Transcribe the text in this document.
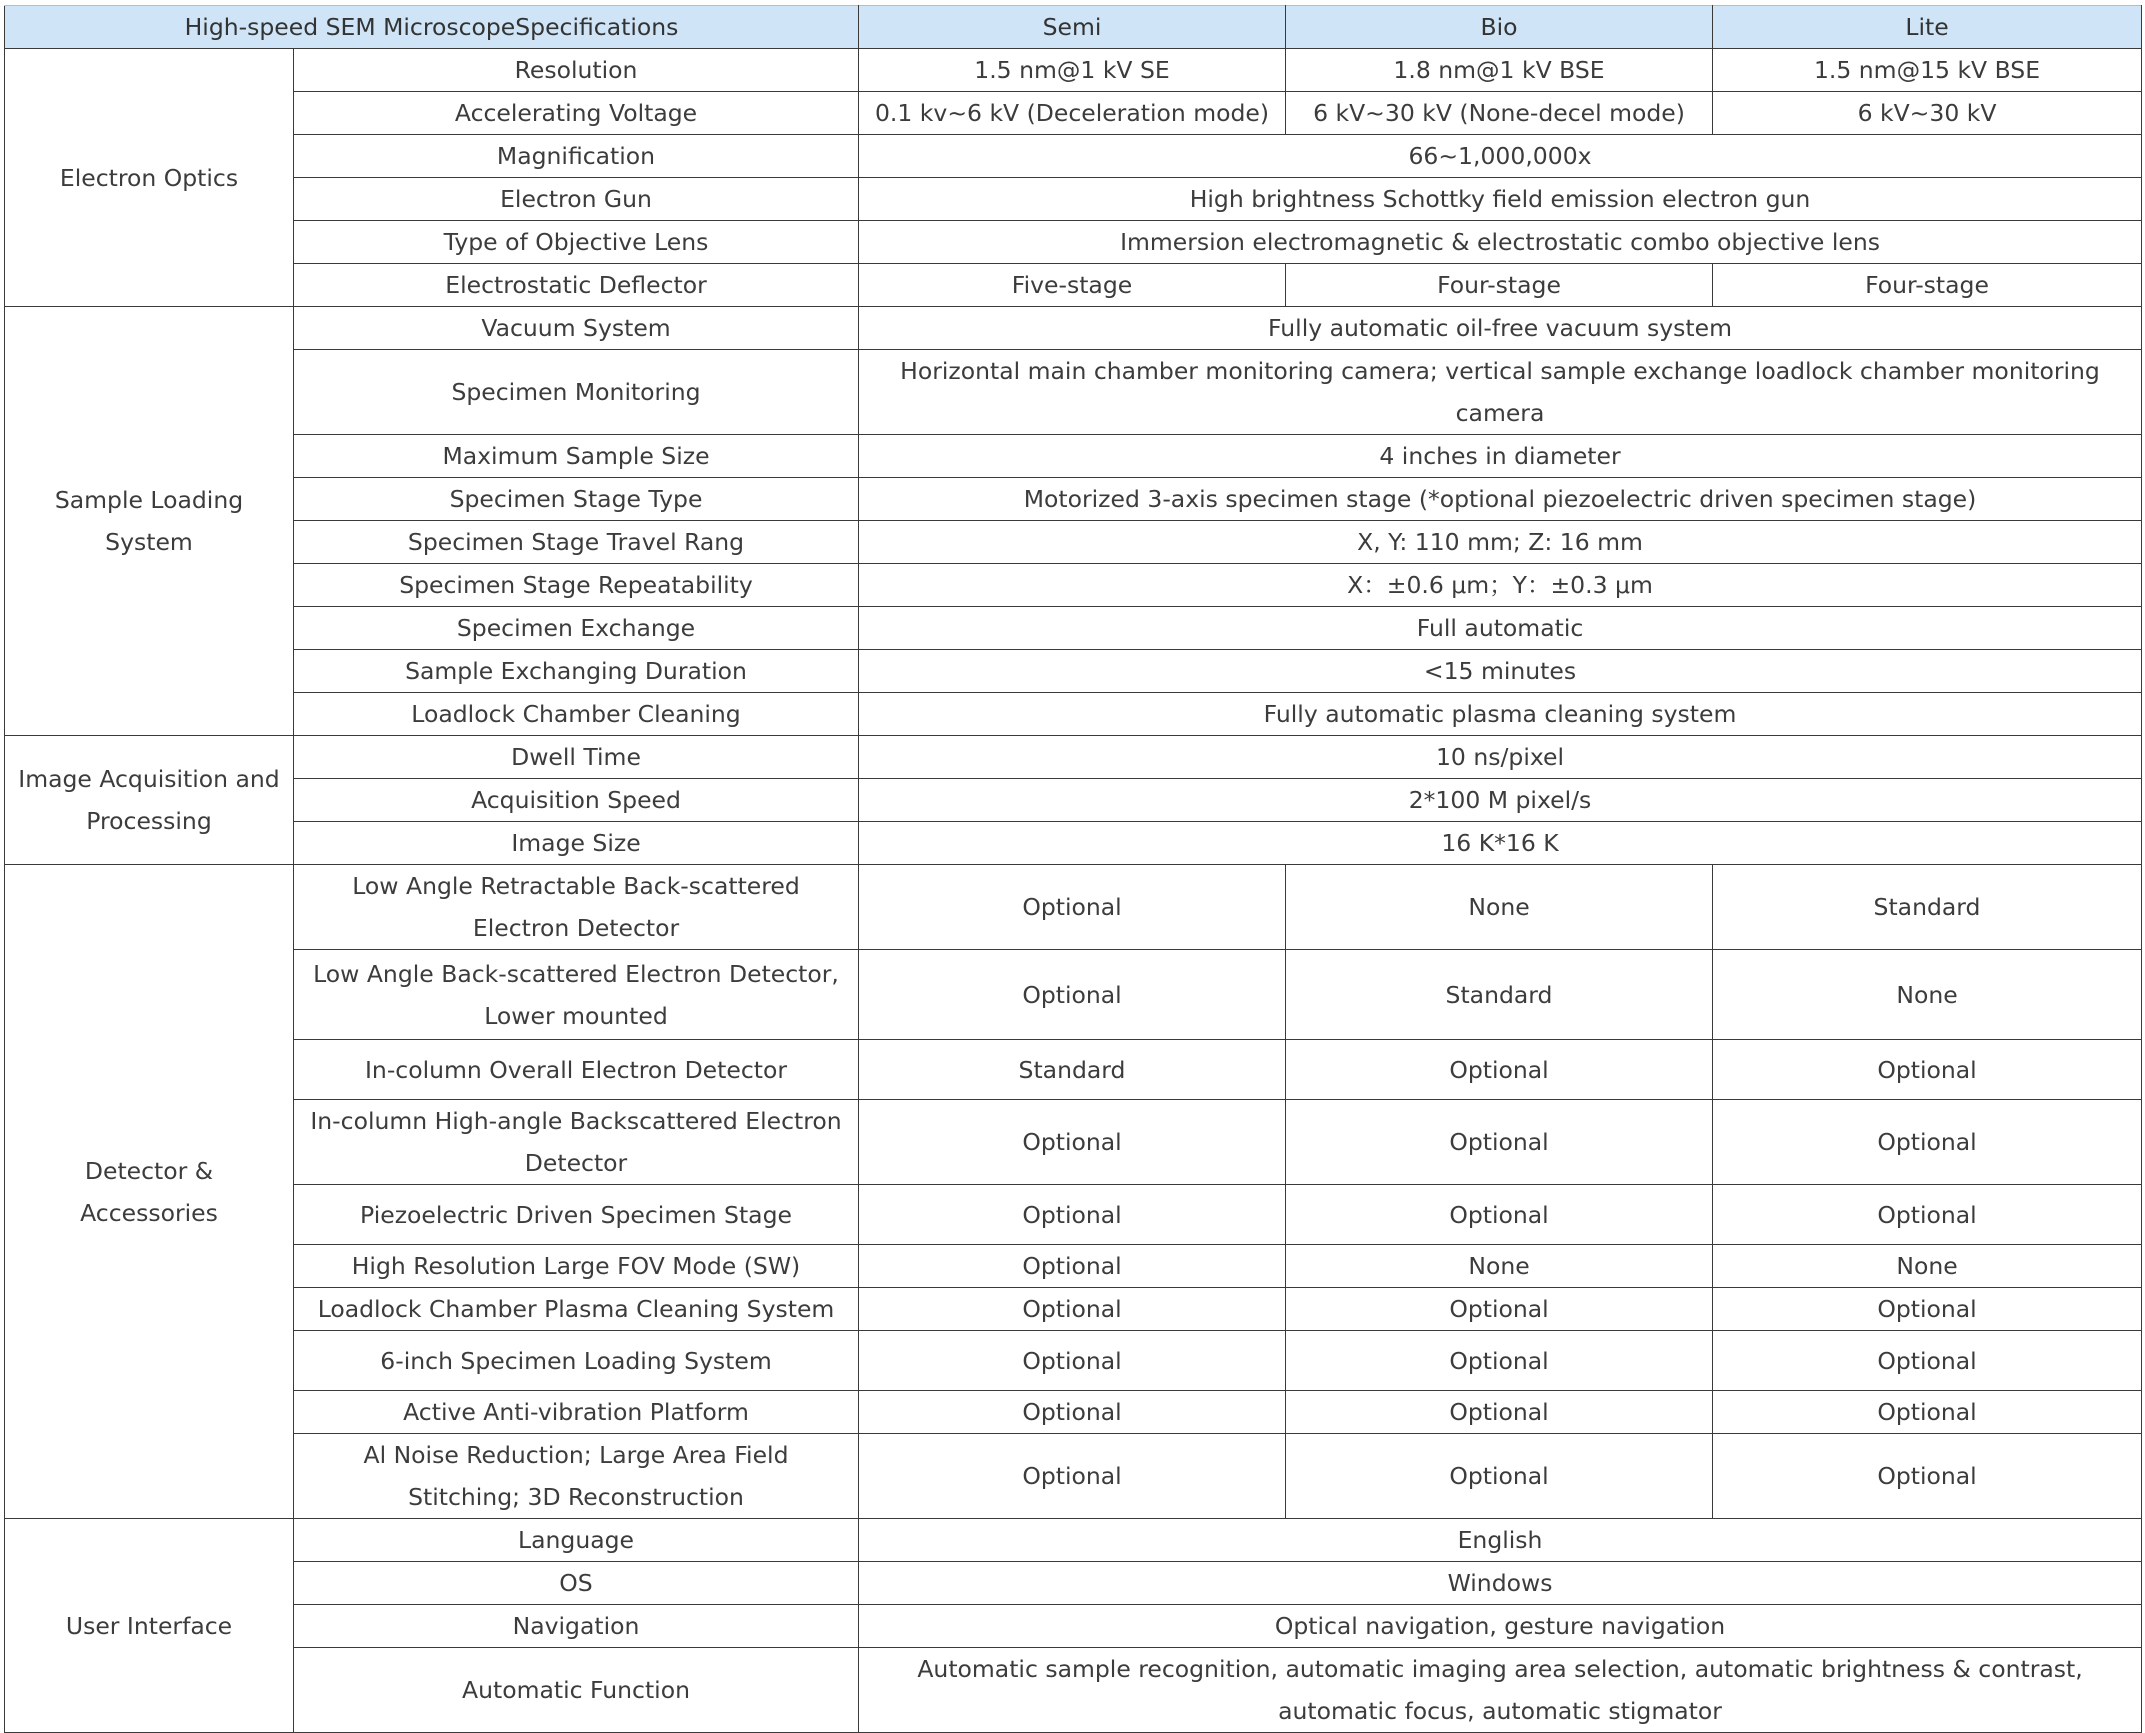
High-speed SEM MicroscopeSpecifications		Semi	Bio	Lite
Electron Optics	Resolution	1.5 nm@1 kV SE	1.8 nm@1 kV BSE	1.5 nm@15 kV BSE
	Accelerating Voltage	0.1 kv~6 kV (Deceleration mode)	6 kV~30 kV (None-decel mode)	6 kV~30 kV
	Magnification	66~1,000,000x		
	Electron Gun	High brightness Schottky field emission electron gun		
	Type of Objective Lens	Immersion electromagnetic & electrostatic combo objective lens		
	Electrostatic Deflector	Five-stage	Four-stage	Four-stage
Sample Loading System	Vacuum System	Fully automatic oil-free vacuum system		
	Specimen Monitoring	Horizontal main chamber monitoring camera; vertical sample exchange loadlock chamber monitoring camera		
	Maximum Sample Size	4 inches in diameter		
	Specimen Stage Type	Motorized 3-axis specimen stage (*optional piezoelectric driven specimen stage)		
	Specimen Stage Travel Rang	X, Y: 110 mm; Z: 16 mm		
	Specimen Stage Repeatability	X：±0.6 μm；Y：±0.3 μm		
	Specimen Exchange	Full automatic		
	Sample Exchanging Duration	<15 minutes		
	Loadlock Chamber Cleaning	Fully automatic plasma cleaning system		
Image Acquisition and Processing	Dwell Time	10 ns/pixel		
	Acquisition Speed	2*100 M pixel/s		
	Image Size	16 K*16 K		
Detector & Accessories	Low Angle Retractable Back-scattered Electron Detector	Optional	None	Standard
	Low Angle Back-scattered Electron Detector, Lower mounted	Optional	Standard	None
	In-column Overall Electron Detector	Standard	Optional	Optional
	In-column High-angle Backscattered Electron Detector	Optional	Optional	Optional
	Piezoelectric Driven Specimen Stage	Optional	Optional	Optional
	High Resolution Large FOV Mode (SW)	Optional	None	None
	Loadlock Chamber Plasma Cleaning System	Optional	Optional	Optional
	6-inch Specimen Loading System	Optional	Optional	Optional
	Active Anti-vibration Platform	Optional	Optional	Optional
	Al Noise Reduction; Large Area Field Stitching; 3D Reconstruction	Optional	Optional	Optional
User Interface	Language	English		
	OS	Windows		
	Navigation	Optical navigation, gesture navigation		
	Automatic Function	Automatic sample recognition, automatic imaging area selection, automatic brightness & contrast, automatic focus, automatic stigmator		
